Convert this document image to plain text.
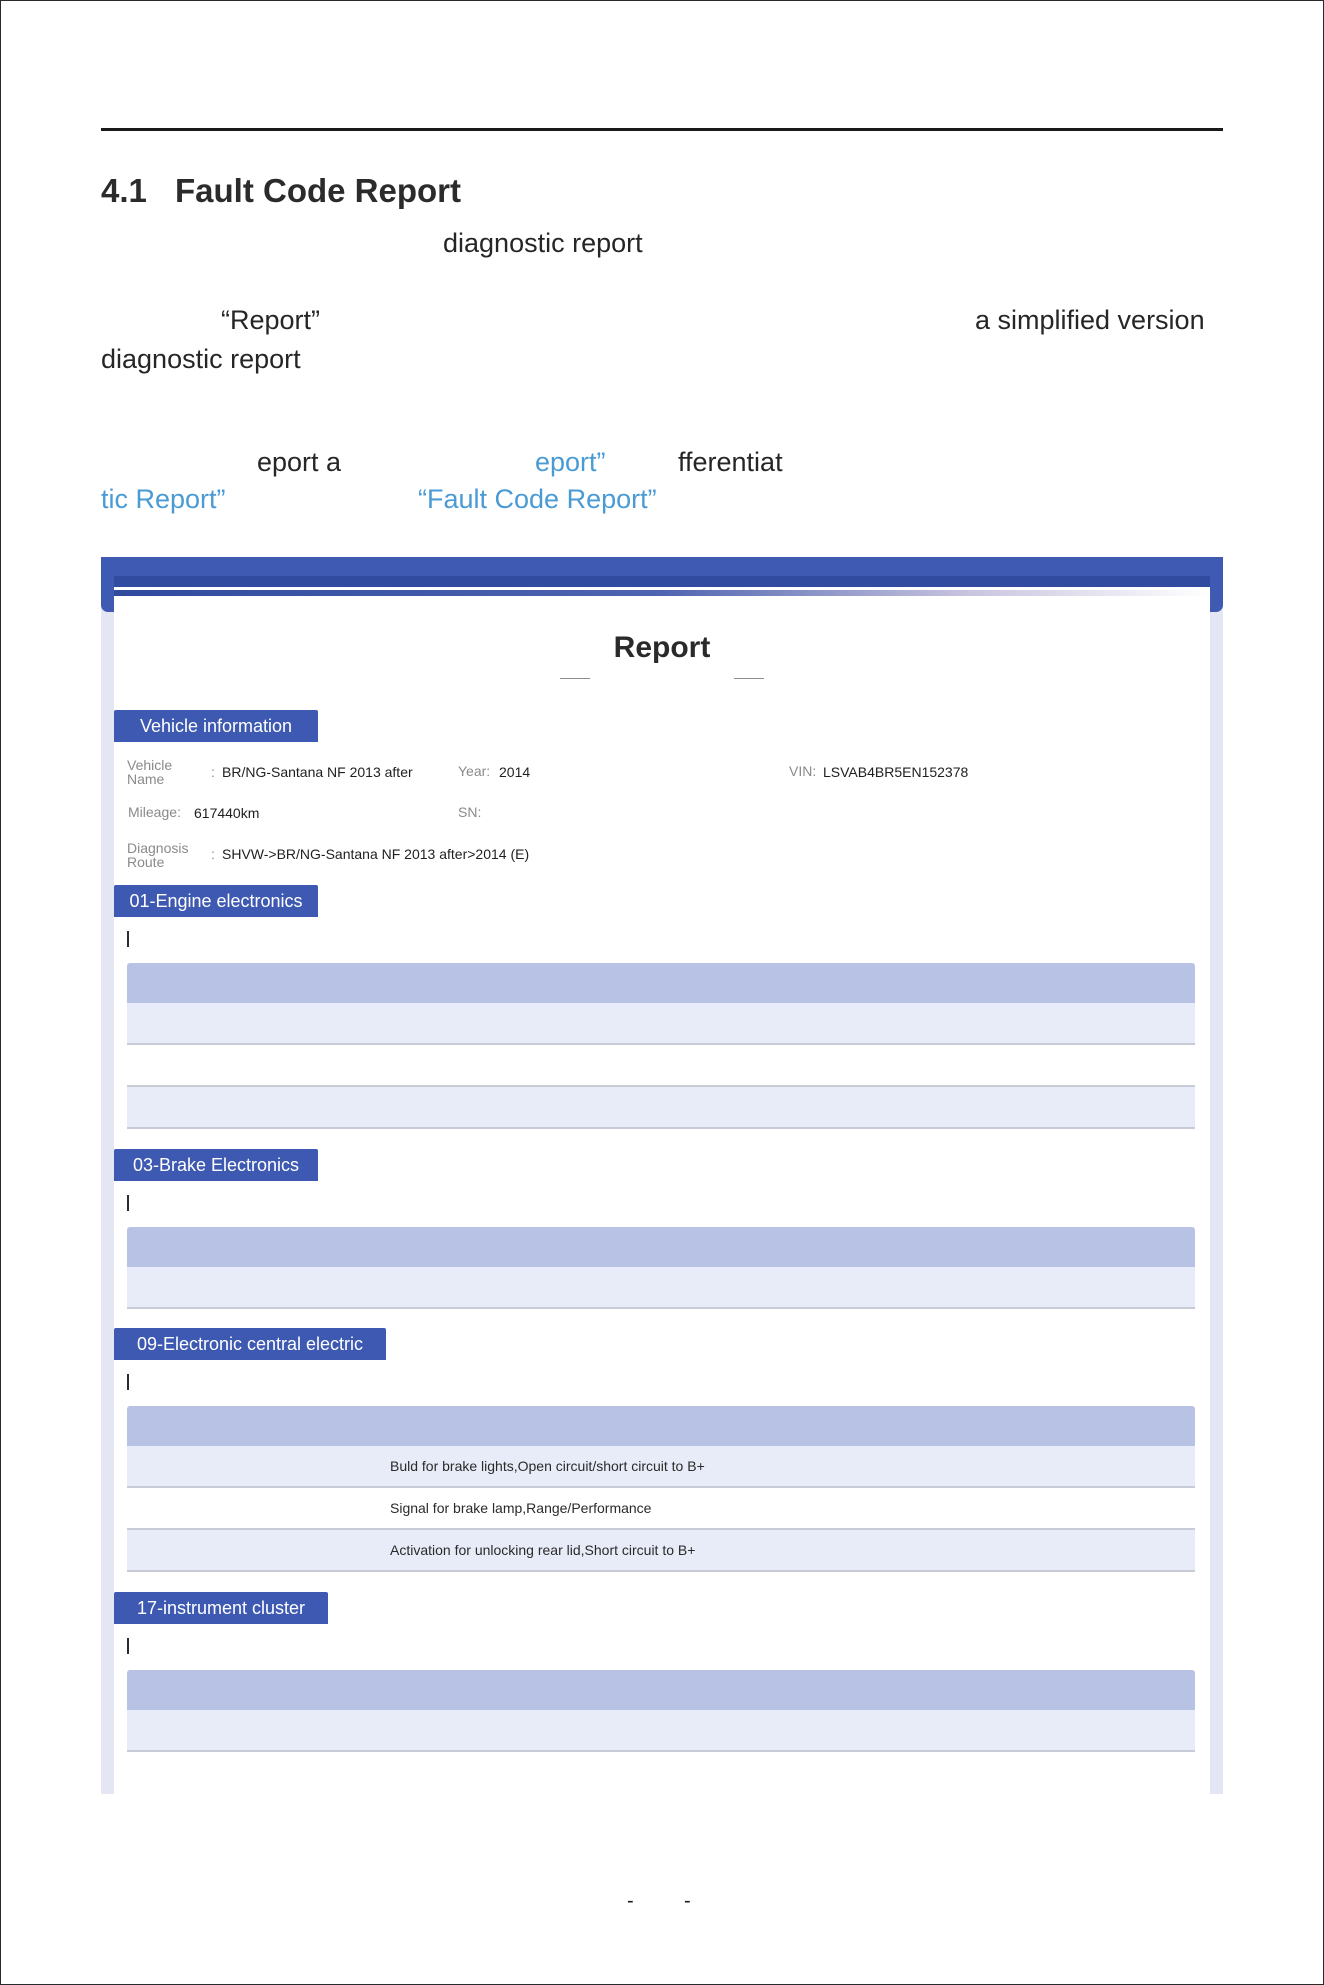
4.1 Fault Code Report
diagnostic report
“Report”	a simplified version
diagnostic report
eport a	eport”	fferentiat
tic Report”	“Fault Code Report”
Report
Vehicle information
Vehicle Name	: BR/NG-Santana NF 2013 after	Year: 2014	VIN: LSVAB4BR5EN152378
Mileage: 617440km	SN:
Diagnosis Route	: SHVW->BR/NG-Santana NF 2013 after>2014 (E)
01-Engine electronics
03-Brake Electronics
09-Electronic central electric
Buld for brake lights,Open circuit/short circuit to B+
Signal for brake lamp,Range/Performance
Activation for unlocking rear lid,Short circuit to B+
17-instrument cluster
-	-
